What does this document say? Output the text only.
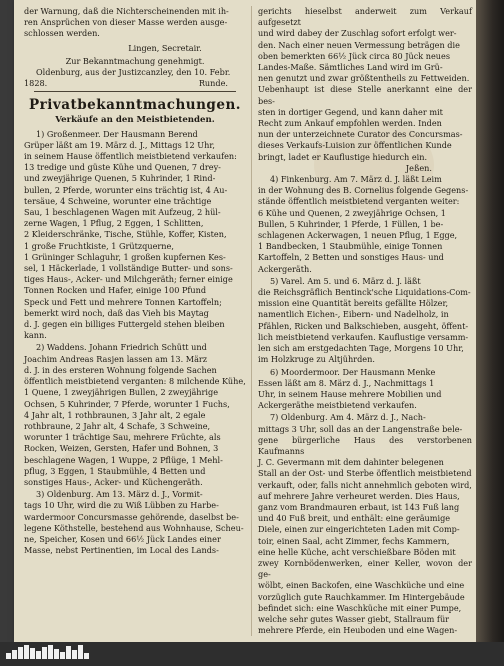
der Warnung, daß die Nichterscheinenden mit ih-

ren Ansprüchen von dieser Masse werden ausge-

schlossen werden.

Lingen, Secretair.

Zur Bekanntmachung genehmigt.

Oldenburg, aus der Justizcanzley, den 10. Febr.

1828.	Runde.

Privatbekanntmachungen.
Verkäufe an den Meistbietenden.

1) Großenmeer. Der Hausmann Berend

Grüper läßt am 19. März d. J., Mittags 12 Uhr,

in seinem Hause öffentlich meistbietend verkaufen:

13 tredige und güste Kühe und Quenen, 7 drey-

und zweyjährige Quenen, 5 Kuhrinder, 1 Rind-

bullen, 2 Pferde, worunter eins trächtig ist, 4 Au-

tersäue, 4 Schweine, worunter eine trächtige

Sau, 1 beschlagenen Wagen mit Aufzeug, 2 hül-

zerne Wagen, 1 Pflug, 2 Eggen, 1 Schlitten,

2 Kleiderschränke, Tische, Stühle, Koffer, Kisten,

1 große Fruchtkiste, 1 Grützquerne,

1 Grüninger Schlaguhr, 1 großen kupfernen Kes-

sel, 1 Häckerlade, 1 vollständige Butter- und sons-

tiges Haus-, Acker- und Milchgeräth; ferner einige

Tonnen Rocken und Hafer, einige 100 Pfund

Speck und Fett und mehrere Tonnen Kartoffeln;

bemerkt wird noch, daß das Vieh bis Maytag

d. J. gegen ein billiges Futtergeld stehen bleiben

kann.

2) Waddens. Johann Friedrich Schütt und

Joachim Andreas Rasjen lassen am 13. März

d. J. in des ersteren Wohnung folgende Sachen

öffentlich meistbietend verganten: 8 milchende Kühe,

1 Quene, 1 zweyjährigen Bullen, 2 zweyjährige

Ochsen, 5 Kuhrinder, 7 Pferde, worunter 1 Fuchs,

4 Jahr alt, 1 rothbraunen, 3 Jahr alt, 2 egale

rothbraune, 2 Jahr alt, 4 Schafe, 3 Schweine,

worunter 1 trächtige Sau, mehrere Früchte, als

Rocken, Weizen, Gersten, Hafer und Bohnen, 3

beschlagene Wagen, 1 Wuppe, 2 Pflüge, 1 Mehl-

pflug, 3 Eggen, 1 Staubmühle, 4 Betten und

sonstiges Haus-, Acker- und Küchengeräth.

3) Oldenburg. Am 13. März d. J., Vormit-

tags 10 Uhr, wird die zu Wiß Lübben zu Harbe-

wardermoor Concursmasse gehörende, daselbst be-

legene Köthstelle, bestehend aus Wohnhause, Scheu-

ne, Speicher, Kosen und 66½ Jück Landes einer

Masse, nebst Pertinentien, im Local des Lands-

gerichts hieselbst anderweit zum Verkauf aufgesetzt

und wird dabey der Zuschlag sofort erfolgt wer-

den. Nach einer neuen Vermessung beträgen die

oben bemerkten 66½ Jück circa 80 Jück neues

Landes-Maße. Sämtliches Land wird im Grü-

nen genutzt und zwar größtentheils zu Fettweiden.

Uebenhaupt ist diese Stelle anerkannt eine der bes-

sten in dortiger Gegend, und kann daher mit

Recht zum Ankauf empfohlen werden. Inden

nun der unterzeichnete Curator des Concursmas-

dieses Verkaufs-Luision zur öffentlichen Kunde

bringt, ladet er Kauflustige hiedurch ein.

Jeßen.

4) Finkenburg. Am 7. März d. J. läßt Leim

in der Wohnung des B. Cornelius folgende Gegens-

stände öffentlich meistbietend verganten weiter:

6 Kühe und Quenen, 2 zweyjährige Ochsen, 1

Bullen, 5 Kuhrinder, 1 Pferde, 1 Füllen, 1 be-

schlagenen Ackerwagen, 1 neuen Pflug, 1 Egge,

1 Bandbecken, 1 Staubmühle, einige Tonnen

Kartoffeln, 2 Betten und sonstiges Haus- und

Ackergeräth.

5) Varel. Am 5. und 6. März d. J. läßt

die Reichsgräflich Bentinck'sche Liquidations-Com-

mission eine Quantität bereits gefällte Hölzer,

namentlich Eichen-, Eibern- und Nadelholz, in

Pfählen, Ricken und Balkschieben, ausgeht, öffent-

lich meistbietend verkaufen. Kauflustige versamm-

len sich am erstgedachten Tage, Morgens 10 Uhr,

im Holzkruge zu Altjührden.

6) Moordermoor. Der Hausmann Menke

Essen läßt am 8. März d. J., Nachmittags 1

Uhr, in seinem Hause mehrere Mobilien und

Ackergeräthe meistbietend verkaufen.

7) Oldenburg. Am 4. März d. J., Nach-

mittags 3 Uhr, soll das an der Langenstraße bele-

gene bürgerliche Haus des verstorbenen Kaufmanns

J. C. Gevermann mit dem dahinter belegenen

Stall an der Ost- und Sterbe öffentlich meistbietend

verkauft, oder, falls nicht annehmlich geboten wird,

auf mehrere Jahre verheuret werden. Dies Haus,

ganz vom Brandmauren erbaut, ist 143 Fuß lang

und 40 Fuß breit, und enthält: eine geräumige

Diele, einen zur eingerichteten Laden mit Comp-

toir, einen Saal, acht Zimmer, fechs Kammern,

eine helle Küche, acht verschießbare Böden mit

zwey Kornbödenwerken, einer Keller, wovon der ge-

wölbt, einen Backofen, eine Waschküche und eine

vorzüglich gute Rauchkammer. Im Hintergebäude

befindet sich: eine Waschküche mit einer Pumpe,

welche sehr gutes Wasser giebt, Stallraum für

mehrere Pferde, ein Heuboden und eine Wagen-
